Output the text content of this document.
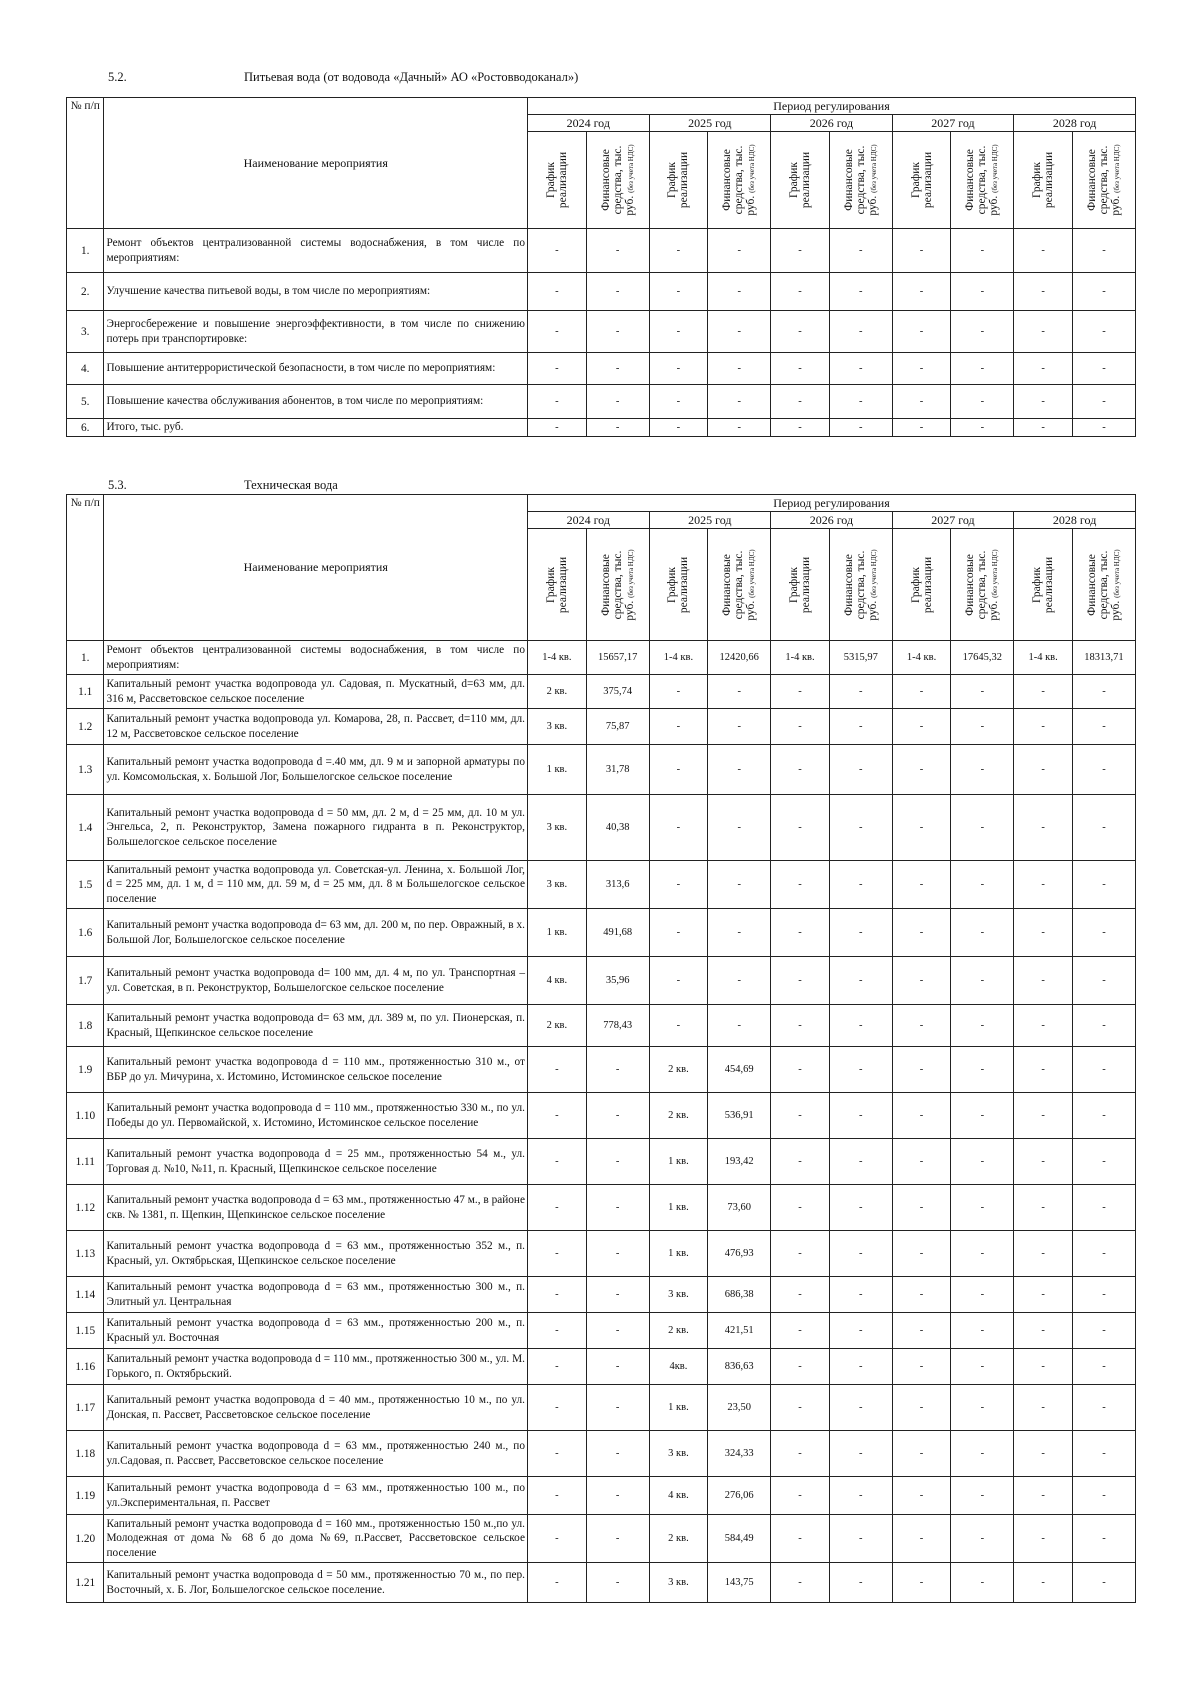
5.2.	Питьевая вода (от водовода «Дачный» АО «Ростовводоканал»)
№ п/п	Наименование мероприятия	Период регулирования									
		2024 год		2025 год		2026 год		2027 год		2028 год	

		График реализации	Финансовые средства, тыс. руб. (без учета НДС)	График реализации	Финансовые средства, тыс. руб. (без учета НДС)	График реализации	Финансовые средства, тыс. руб. (без учета НДС)	График реализации	Финансовые средства, тыс. руб. (без учета НДС)	График реализации	Финансовые средства, тыс. руб. (без учета НДС)

1.	Ремонт объектов централизованной системы водоснабжения, в том числе по мероприятиям:	-	-	-	-	-	-	-	-	-	-
2.	Улучшение качества питьевой воды, в том числе по мероприятиям:	-	-	-	-	-	-	-	-	-	-
3.	Энергосбережение и повышение энергоэффективности, в том числе по снижению потерь при транспортировке:	-	-	-	-	-	-	-	-	-	-
4.	Повышение антитеррористической безопасности, в том числе по мероприятиям:	-	-	-	-	-	-	-	-	-	-
5.	Повышение качества обслуживания абонентов, в том числе по мероприятиям:	-	-	-	-	-	-	-	-	-	-
6.	Итого, тыс. руб.	-	-	-	-	-	-	-	-	-	-
5.3.	Техническая вода
№ п/п	Наименование мероприятия	Период регулирования									
		2024 год		2025 год		2026 год		2027 год		2028 год	

		График реализации	Финансовые средства, тыс. руб. (без учета НДС)	График реализации	Финансовые средства, тыс. руб. (без учета НДС)	График реализации	Финансовые средства, тыс. руб. (без учета НДС)	График реализации	Финансовые средства, тыс. руб. (без учета НДС)	График реализации	Финансовые средства, тыс. руб. (без учета НДС)

1.	Ремонт объектов централизованной системы водоснабжения, в том числе по мероприятиям:	1-4 кв.	15657,17	1-4 кв.	12420,66	1-4 кв.	5315,97	1-4 кв.	17645,32	1-4 кв.	18313,71
1.1	Капитальный ремонт участка водопровода ул. Садовая, п. Мускатный, d=63 мм, дл. 316 м, Рассветовское сельское поселение	2 кв.	375,74	-	-	-	-	-	-	-	-
1.2	Капитальный ремонт участка водопровода ул. Комарова, 28, п. Рассвет, d=110 мм, дл. 12 м, Рассветовское сельское поселение	3 кв.	75,87	-	-	-	-	-	-	-	-
1.3	Капитальный ремонт участка водопровода d =.40 мм, дл. 9 м и запорной арматуры по ул. Комсомольская, х. Большой Лог, Большелогское сельское поселение	1 кв.	31,78	-	-	-	-	-	-	-	-
1.4	Капитальный ремонт участка водопровода d = 50 мм, дл. 2 м, d = 25 мм, дл. 10 м ул. Энгельса, 2, п. Реконструктор, Замена пожарного гидранта в п. Реконструктор, Большелогское сельское поселение	3 кв.	40,38	-	-	-	-	-	-	-	-
1.5	Капитальный ремонт участка водопровода ул. Советская-ул. Ленина, х. Большой Лог, d = 225 мм, дл. 1 м, d = 110 мм, дл. 59 м, d = 25 мм, дл. 8 м Большелогское сельское поселение	3 кв.	313,6	-	-	-	-	-	-	-	-
1.6	Капитальный ремонт участка водопровода d= 63 мм, дл. 200 м, по пер. Овражный, в х. Большой Лог, Большелогское сельское поселение	1 кв.	491,68	-	-	-	-	-	-	-	-
1.7	Капитальный ремонт участка водопровода d= 100 мм, дл. 4 м, по ул. Транспортная – ул. Советская, в п. Реконструктор, Большелогское сельское поселение	4 кв.	35,96	-	-	-	-	-	-	-	-
1.8	Капитальный ремонт участка водопровода d= 63 мм, дл. 389 м, по ул. Пионерская, п. Красный, Щепкинское сельское поселение	2 кв.	778,43	-	-	-	-	-	-	-	-
1.9	Капитальный ремонт участка водопровода d = 110 мм., протяженностью 310 м., от ВБР до ул. Мичурина, х. Истомино, Истоминское сельское поселение	-	-	2 кв.	454,69	-	-	-	-	-	-
1.10	Капитальный ремонт участка водопровода d = 110 мм., протяженностью 330 м., по ул. Победы до ул. Первомайской, х. Истомино, Истоминское сельское поселение	-	-	2 кв.	536,91	-	-	-	-	-	-
1.11	Капитальный ремонт участка водопровода d = 25 мм., протяженностью 54 м., ул. Торговая д. №10, №11, п. Красный, Щепкинское сельское поселение	-	-	1 кв.	193,42	-	-	-	-	-	-
1.12	Капитальный ремонт участка водопровода d = 63 мм., протяженностью 47 м., в районе скв. № 1381, п. Щепкин, Щепкинское сельское поселение	-	-	1 кв.	73,60	-	-	-	-	-	-
1.13	Капитальный ремонт участка водопровода d = 63 мм., протяженностью 352 м., п. Красный, ул. Октябрьская, Щепкинское сельское поселение	-	-	1 кв.	476,93	-	-	-	-	-	-
1.14	Капитальный ремонт участка водопровода d = 63 мм., протяженностью 300 м., п. Элитный ул. Центральная	-	-	3 кв.	686,38	-	-	-	-	-	-
1.15	Капитальный ремонт участка водопровода d = 63 мм., протяженностью 200 м., п. Красный ул. Восточная	-	-	2 кв.	421,51	-	-	-	-	-	-
1.16	Капитальный ремонт участка водопровода d = 110 мм., протяженностью 300 м., ул. М. Горького, п. Октябрьский.	-	-	4кв.	836,63	-	-	-	-	-	-
1.17	Капитальный ремонт участка водопровода d = 40 мм., протяженностью 10 м., по ул. Донская, п. Рассвет, Рассветовское сельское поселение	-	-	1 кв.	23,50	-	-	-	-	-	-
1.18	Капитальный ремонт участка водопровода d = 63 мм., протяженностью 240 м., по ул.Садовая, п. Рассвет, Рассветовское сельское поселение	-	-	3 кв.	324,33	-	-	-	-	-	-
1.19	Капитальный ремонт участка водопровода d = 63 мм., протяженностью 100 м., по ул.Экспериментальная, п. Рассвет	-	-	4 кв.	276,06	-	-	-	-	-	-
1.20	Капитальный ремонт участка водопровода d = 160 мм., протяженностью 150 м.,по ул. Молодежная от дома № 68 б до дома №69, п.Рассвет, Рассветовское сельское поселение	-	-	2 кв.	584,49	-	-	-	-	-	-
1.21	Капитальный ремонт участка водопровода d = 50 мм., протяженностью 70 м., по пер. Восточный, х. Б. Лог, Большелогское сельское поселение.	-	-	3 кв.	143,75	-	-	-	-	-	-
